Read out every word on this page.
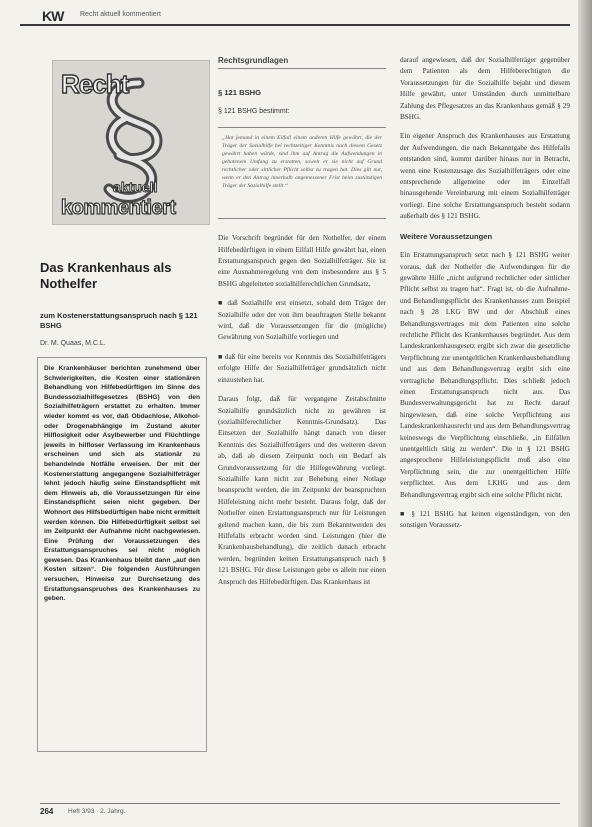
KW Recht aktuell kommentiert
Recht
aktuell
kommentiert
Das Krankenhaus als Nothelfer
zum Kostenerstattungsanspruch nach § 121 BSHG
Dr. M. Quaas, M.C.L.

Die Krankenhäuser berichten zunehmend über Schwierigkeiten, die Kosten einer stationären Behandlung von Hilfebedürftigen im Sinne des Bundessozialhilfegesetzes (BSHG) von den Sozialhilfeträgern erstattet zu erhalten. Immer wieder kommt es vor, daß Obdachlose, Alkohol- oder Drogenabhängige im Zustand akuter Hilflosigkeit oder Asylbewerber und Flüchtlinge jeweils in hilfloser Verfassung im Krankenhaus erscheinen und sich als stationär zu behandelnde Notfälle erweisen. Der mit der Kostenerstattung angegangene Sozialhilfeträger lehnt jedoch häufig seine Einstandspflicht mit dem Hinweis ab, die Voraussetzungen für eine Einstandspflicht seien nicht gegeben. Der Wohnort des Hilfsbedürftigen habe nicht ermittelt werden können. Die Hilfebedürftigkeit selbst sei im Zeitpunkt der Aufnahme nicht nachgewiesen. Eine Prüfung der Voraussetzungen des Erstattungsanspruches sei nicht möglich gewesen. Das Krankenhaus bleibt dann „auf den Kosten sitzen“. Die folgenden Ausführungen versuchen, Hinweise zur Durchsetzung des Erstattungsanspruches des Krankenhauses zu geben.

Rechtsgrundlagen
§ 121 BSHG
§ 121 BSHG bestimmt:
„Hat jemand in einem Eilfall einem anderen Hilfe gewährt, die der Träger der Sozialhilfe bei rechtzeitiger Kenntnis nach diesem Gesetz gewährt haben würde, sind ihm auf Antrag die Aufwendungen in gebotenem Umfang zu erstatten, soweit er sie nicht auf Grund rechtlicher oder sittlicher Pflicht selbst zu tragen hat. Dies gilt nur, wenn er den Antrag innerhalb angemessener Frist beim zuständigen Träger der Sozialhilfe stellt.“

Die Vorschrift begründet für den Nothelfer, der einem Hilfebedürftigen in einem Eilfall Hilfe gewährt hat, einen Erstattungsanspruch gegen den Sozialhilfeträger. Sie ist eine Ausnahmeregelung von dem insbesondere aus § 5 BSHG abgeleiteten sozialhilferechtlichen Grundsatz,

■ daß Sozialhilfe erst einsetzt, sobald dem Träger der Sozialhilfe oder der von ihm beauftragten Stelle bekannt wird, daß die Voraussetzungen für die (mögliche) Gewährung von Sozialhilfe vorliegen und

■ daß für eine bereits vor Kenntnis des Sozialhilfeträgers erfolgte Hilfe der Sozialhilfeträger grundsätzlich nicht einzustehen hat.

Daraus folgt, daß für vergangene Zeitabschnitte Sozialhilfe grundsätzlich nicht zu gewähren ist (sozialhilferechtlicher Kenntnis-Grundsatz). Das Einsetzen der Sozialhilfe hängt danach von dieser Kenntnis des Sozialhilfeträgers und des weiteren davon ab, daß ab diesem Zeitpunkt noch ein Bedarf als Grundvoraussetzung für die Hilfegewährung vorliegt. Sozialhilfe kann nicht zur Behebung einer Notlage beansprucht werden, die im Zeitpunkt der beanspruchten Hilfeleistung nicht mehr besteht. Daraus folgt, daß der Nothelfer einen Erstattungsanspruch nur für Leistungen geltend machen kann, die bis zum Bekanntwerden des Hilfefalls erbracht worden sind. Leistungen (hier die Krankenhausbehandlung), die zeitlich danach erbracht werden, begründen keinen Erstattungsanspruch nach § 121 BSHG. Für diese Leistungen gebe es allein nur einen Anspruch des Hilfebedürftigen. Das Krankenhaus ist

darauf angewiesen, daß der Sozialhilfeträger gegenüber dem Patienten als dem Hilfeberechtigten die Voraussetzungen für die Sozialhilfe bejaht und diesem Hilfe gewährt, unter Umständen durch unmittelbare Zahlung des Pflegesatzes an das Krankenhaus gemäß § 29 BSHG.

Ein eigener Anspruch des Krankenhauses aus Erstattung der Aufwendungen, die nach Bekanntgabe des Hilfefalls entstanden sind, kommt darüber hinaus nur in Betracht, wenn eine Kostenzusage des Sozialhilfeträgers oder eine entsprechende allgemeine oder im Einzelfall hinausgehende Vereinbarung mit einem Sozialhilfeträger vorliegt. Eine solche Erstattungsanspruch besteht sodann außerhalb des § 121 BSHG.

Weitere Voraussetzungen

Ein Erstattungsanspruch setzt nach § 121 BSHG weiter voraus, daß der Nothelfer die Aufwendungen für die gewährte Hilfe „nicht aufgrund rechtlicher oder sittlicher Pflicht selbst zu tragen hat“. Fragt ist, ob die Aufnahme- und Behandlungspflicht des Krankenhauses zum Beispiel nach § 28 LKG BW und der Abschluß eines Behandlungsvertrages mit dem Patienten eine solche rechtliche Pflicht des Krankenhauses begründet. Aus dem Landeskrankenhausgesetz ergibt sich zwar die gesetzliche Verpflichtung zur unentgeltlichen Krankenhausbehandlung und aus dem Behandlungsvertrag ergibt sich eine vertragliche Behandlungspflicht. Dies schließt jedoch einen Erstattungsanspruch nicht aus. Das Bundesverwaltungsgericht hat zu Recht darauf hingewiesen, daß eine solche Verpflichtung aus Landeskrankenhausrecht und aus dem Behandlungsvertrag keineswegs die Verpflichtung einschließe, „in Eilfällen unentgeltlich tätig zu werden“. Die in § 121 BSHG angesprochene Hilfeleistungspflicht muß also eine Verpflichtung sein, die zur unentgeltlichen Hilfe verpflichtet. Aus dem LKHG und aus dem Behandlungsvertrag ergibt sich eine solche Pflicht nicht.

■ § 121 BSHG hat keinen eigenständigen, von den sonstigen Voraussetz-

264 Heft 3/93 · 2. Jahrg.
